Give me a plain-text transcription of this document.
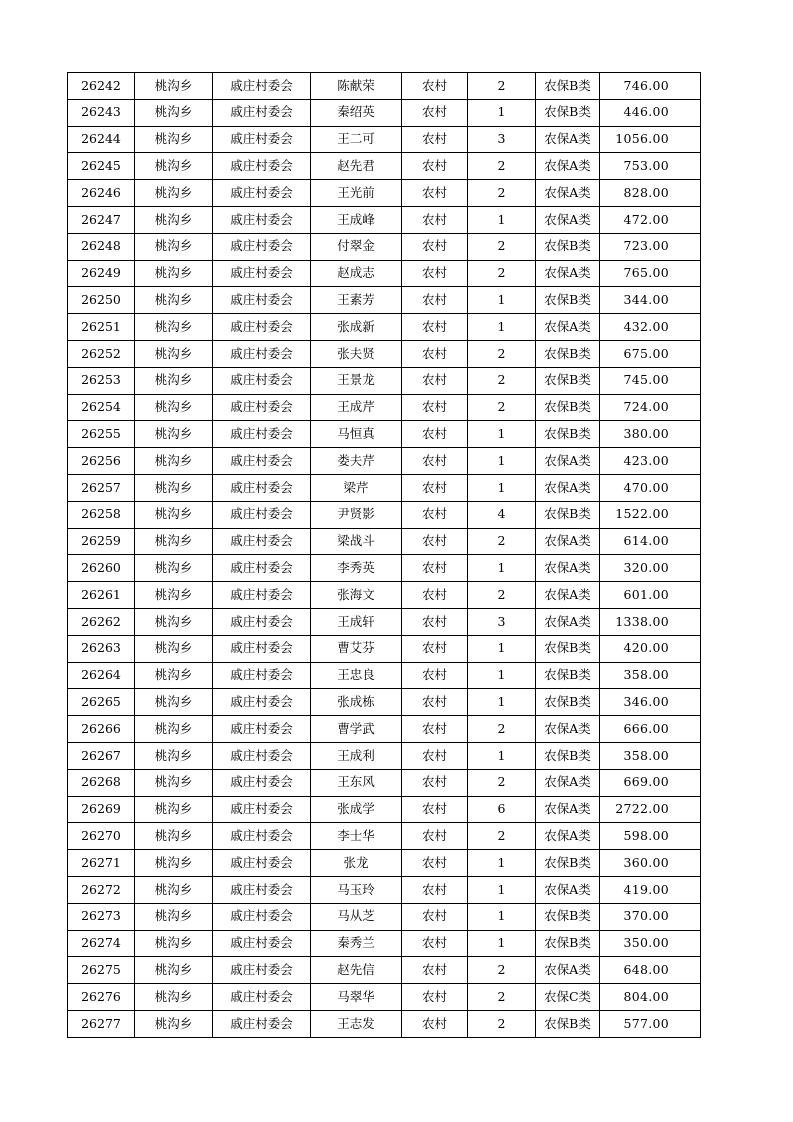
26242	桃沟乡	戚庄村委会	陈献荣	农村	2	农保B类	746.00
26243	桃沟乡	戚庄村委会	秦绍英	农村	1	农保B类	446.00
26244	桃沟乡	戚庄村委会	王二可	农村	3	农保A类	1056.00
26245	桃沟乡	戚庄村委会	赵先君	农村	2	农保A类	753.00
26246	桃沟乡	戚庄村委会	王光前	农村	2	农保A类	828.00
26247	桃沟乡	戚庄村委会	王成峰	农村	1	农保A类	472.00
26248	桃沟乡	戚庄村委会	付翠金	农村	2	农保B类	723.00
26249	桃沟乡	戚庄村委会	赵成志	农村	2	农保A类	765.00
26250	桃沟乡	戚庄村委会	王素芳	农村	1	农保B类	344.00
26251	桃沟乡	戚庄村委会	张成新	农村	1	农保A类	432.00
26252	桃沟乡	戚庄村委会	张夫贤	农村	2	农保B类	675.00
26253	桃沟乡	戚庄村委会	王景龙	农村	2	农保B类	745.00
26254	桃沟乡	戚庄村委会	王成芹	农村	2	农保B类	724.00
26255	桃沟乡	戚庄村委会	马恒真	农村	1	农保B类	380.00
26256	桃沟乡	戚庄村委会	娄夫芹	农村	1	农保A类	423.00
26257	桃沟乡	戚庄村委会	梁芹	农村	1	农保A类	470.00
26258	桃沟乡	戚庄村委会	尹贤影	农村	4	农保B类	1522.00
26259	桃沟乡	戚庄村委会	梁战斗	农村	2	农保A类	614.00
26260	桃沟乡	戚庄村委会	李秀英	农村	1	农保A类	320.00
26261	桃沟乡	戚庄村委会	张海文	农村	2	农保A类	601.00
26262	桃沟乡	戚庄村委会	王成轩	农村	3	农保A类	1338.00
26263	桃沟乡	戚庄村委会	曹艾芬	农村	1	农保B类	420.00
26264	桃沟乡	戚庄村委会	王忠良	农村	1	农保B类	358.00
26265	桃沟乡	戚庄村委会	张成栋	农村	1	农保B类	346.00
26266	桃沟乡	戚庄村委会	曹学武	农村	2	农保A类	666.00
26267	桃沟乡	戚庄村委会	王成利	农村	1	农保B类	358.00
26268	桃沟乡	戚庄村委会	王东风	农村	2	农保A类	669.00
26269	桃沟乡	戚庄村委会	张成学	农村	6	农保A类	2722.00
26270	桃沟乡	戚庄村委会	李士华	农村	2	农保A类	598.00
26271	桃沟乡	戚庄村委会	张龙	农村	1	农保B类	360.00
26272	桃沟乡	戚庄村委会	马玉玲	农村	1	农保A类	419.00
26273	桃沟乡	戚庄村委会	马从芝	农村	1	农保B类	370.00
26274	桃沟乡	戚庄村委会	秦秀兰	农村	1	农保B类	350.00
26275	桃沟乡	戚庄村委会	赵先信	农村	2	农保A类	648.00
26276	桃沟乡	戚庄村委会	马翠华	农村	2	农保C类	804.00
26277	桃沟乡	戚庄村委会	王志发	农村	2	农保B类	577.00
